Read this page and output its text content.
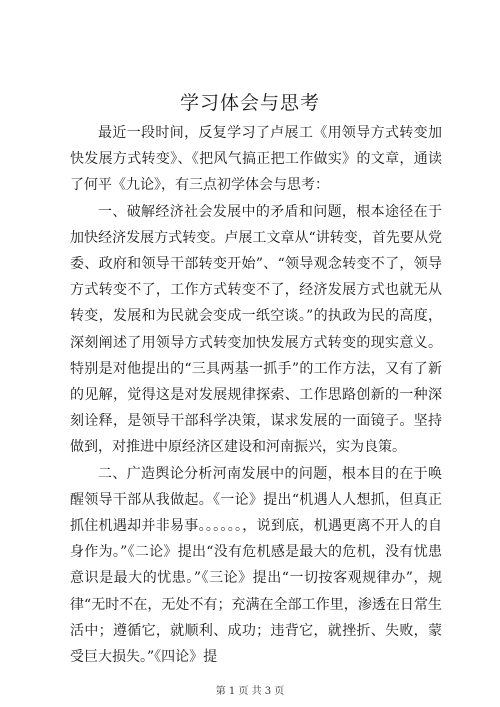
学习体会与思考

最近一段时间，反复学习了卢展工《用领导方式转变加快发展方式转变》、《把风气搞正把工作做实》的文章，通读了何平《九论》，有三点初学体会与思考：

一、破解经济社会发展中的矛盾和问题，根本途径在于加快经济发展方式转变。卢展工文章从“讲转变，首先要从党委、政府和领导干部转变开始”、“领导观念转变不了，领导方式转变不了，工作方式转变不了，经济发展方式也就无从转变，发展和为民就会变成一纸空谈。”的执政为民的高度，深刻阐述了用领导方式转变加快发展方式转变的现实意义。特别是对他提出的“三具两基一抓手”的工作方法，又有了新的见解，觉得这是对发展规律探索、工作思路创新的一种深刻诠释，是领导干部科学决策，谋求发展的一面镜子。坚持做到，对推进中原经济区建设和河南振兴，实为良策。

二、广造舆论分析河南发展中的问题，根本目的在于唤醒领导干部从我做起。《一论》提出“机遇人人想抓，但真正抓住机遇却并非易事。。。。。。，说到底，机遇更离不开人的自身作为。”《二论》提出“没有危机感是最大的危机，没有忧患意识是最大的忧患。”《三论》提出“一切按客观规律办”，规律“无时不在，无处不有；充满在全部工作里，渗透在日常生活中；遵循它，就顺利、成功；违背它，就挫折、失败，蒙受巨大损失。”《四论》提

第 1 页 共 3 页
